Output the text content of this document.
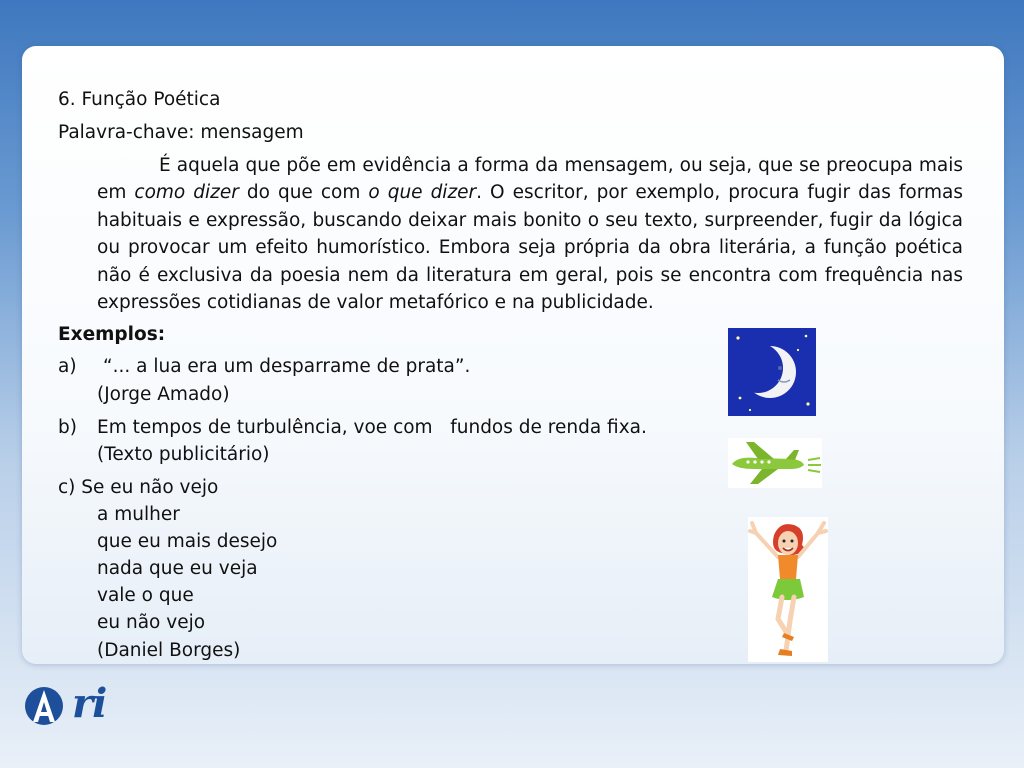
6. Função Poética
Palavra-chave: mensagem
É aquela que põe em evidência a forma da mensagem, ou seja, que se preocupa mais em como dizer do que com o que dizer. O escritor, por exemplo, procura fugir das formas habituais e expressão, buscando deixar mais bonito o seu texto, surpreender, fugir da lógica ou provocar um efeito humorístico. Embora seja própria da obra literária, a função poética não é exclusiva da poesia nem da literatura em geral, pois se encontra com frequência nas expressões cotidianas de valor metafórico e na publicidade.
Exemplos:
a) “... a lua era um desparrame de prata”.
(Jorge Amado)
b) Em tempos de turbulência, voe com   fundos de renda fixa.
(Texto publicitário)
c) Se eu não vejo
a mulher
que eu mais desejo
nada que eu veja
vale o que
eu não vejo
(Daniel Borges)
ri
